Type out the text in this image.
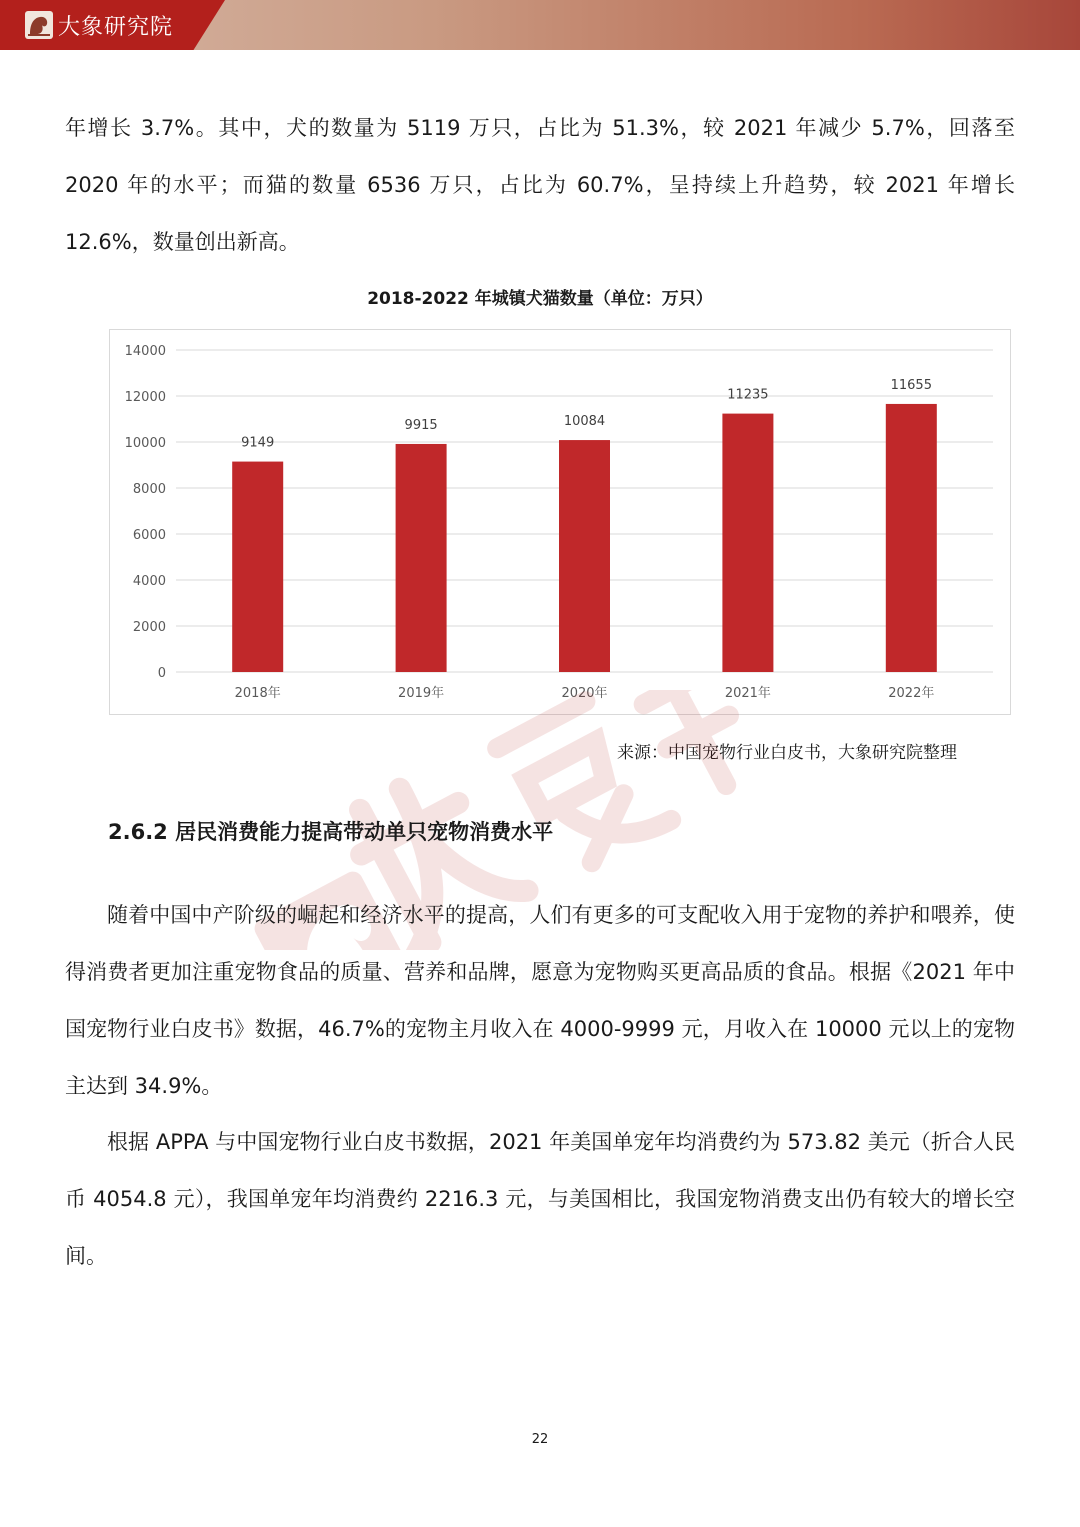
大象研究院

年增长 3.7%。其中，犬的数量为 5119 万只，占比为 51.3%，较 2021 年减少 5.7%，回落至 2020 年的水平；而猫的数量 6536 万只，占比为 60.7%，呈持续上升趋势，较 2021 年增长 12.6%，数量创出新高。

2018-2022 年城镇犬猫数量（单位：万只）
0
2000
4000
6000
8000
10000
12000
14000
9149
2018年
9915
2019年
10084
2020年
11235
2021年
11655
2022年
来源：中国宠物行业白皮书，大象研究院整理
2.6.2 居民消费能力提高带动单只宠物消费水平

随着中国中产阶级的崛起和经济水平的提高，人们有更多的可支配收入用于宠物的养护和喂养，使得消费者更加注重宠物食品的质量、营养和品牌，愿意为宠物购买更高品质的食品。根据《2021 年中国宠物行业白皮书》数据，46.7%的宠物主月收入在 4000-9999 元，月收入在 10000 元以上的宠物主达到 34.9%。

根据 APPA 与中国宠物行业白皮书数据，2021 年美国单宠年均消费约为 573.82 美元（折合人民币 4054.8 元），我国单宠年均消费约 2216.3 元，与美国相比，我国宠物消费支出仍有较大的增长空间。

22
